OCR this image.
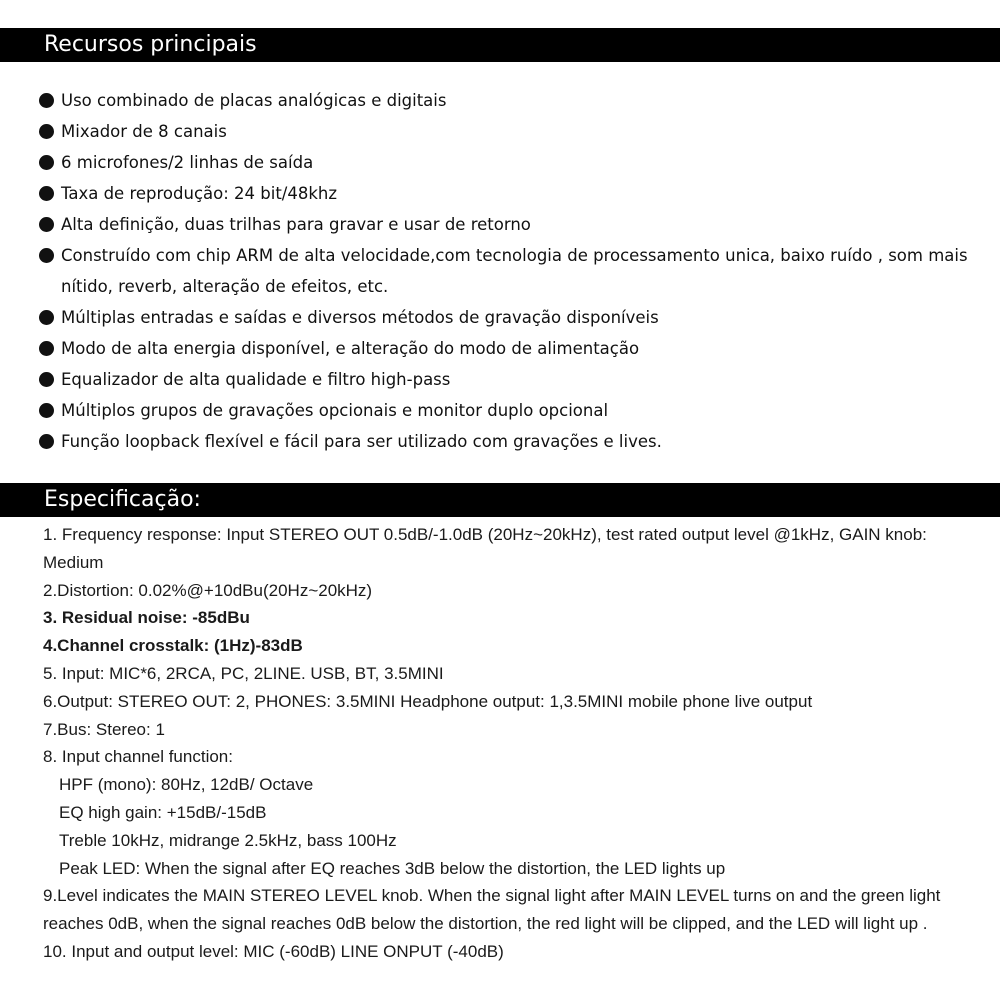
Recursos principais
Uso combinado de placas analógicas e digitais
Mixador de 8 canais
6 microfones/2 linhas de saída
Taxa de reprodução: 24 bit/48khz
Alta definição, duas trilhas para gravar e usar de retorno
Construído com chip ARM de alta velocidade,com tecnologia de processamento unica, baixo ruído , som mais nítido, reverb, alteração de efeitos, etc.
Múltiplas entradas e saídas e diversos métodos de gravação disponíveis
Modo de alta energia disponível, e alteração do modo de alimentação
Equalizador de alta qualidade e filtro high-pass
Múltiplos grupos de gravações opcionais e monitor duplo opcional
Função loopback flexível e fácil para ser utilizado com gravações e lives.
Especificação:
1. Frequency response: Input STEREO OUT 0.5dB/-1.0dB (20Hz~20kHz), test rated output level @1kHz, GAIN knob: Medium
2.Distortion: 0.02%@+10dBu(20Hz~20kHz)
3. Residual noise: -85dBu
4.Channel crosstalk: (1Hz)-83dB
5. Input: MIC*6, 2RCA, PC, 2LINE. USB, BT, 3.5MINI
6.Output: STEREO OUT: 2, PHONES: 3.5MINI Headphone output: 1,3.5MINI mobile phone live output
7.Bus: Stereo: 1
8. Input channel function:
HPF (mono): 80Hz, 12dB/ Octave
EQ high gain: +15dB/-15dB
Treble 10kHz, midrange 2.5kHz, bass 100Hz
Peak LED: When the signal after EQ reaches 3dB below the distortion, the LED lights up
9.Level indicates the MAIN STEREO LEVEL knob. When the signal light after MAIN LEVEL turns on and the green light reaches 0dB, when the signal reaches 0dB below the distortion, the red light will be clipped, and the LED will light up .
10. Input and output level: MIC (-60dB) LINE ONPUT (-40dB)
